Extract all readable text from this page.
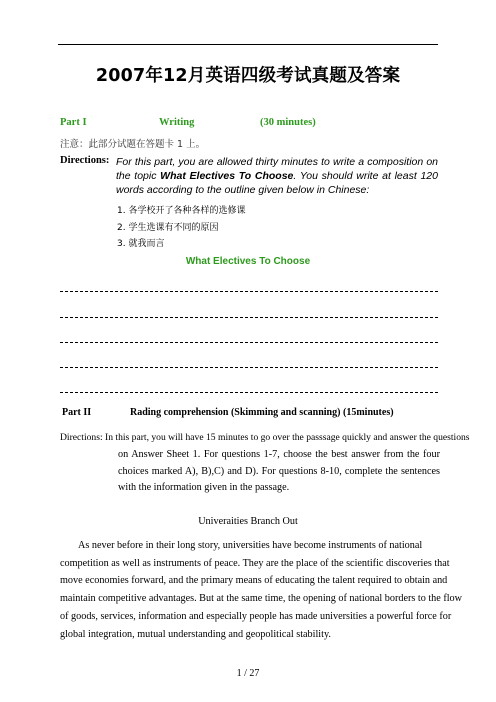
2007年12月英语四级考试真题及答案
Part I	Writing	(30 minutes)
注意：此部分试题在答题卡 1 上。
Directions: For this part, you are allowed thirty minutes to write a composition on the topic What Electives To Choose. You should write at least 120 words according to the outline given below in Chinese:
1. 各学校开了各种各样的选修课
2. 学生选课有不同的原因
3. 就我而言
What Electives To Choose
Part II	Rading comprehension (Skimming and scanning) (15minutes)
Directions: In this part, you will have 15 minutes to go over the passsage quickly and answer the questions
on Answer Sheet 1. For questions 1-7, choose the best answer from the four choices marked A), B),C) and D). For questions 8-10, complete the sentences with the information given in the passage.
Univeraities Branch Out
As never before in their long story, universities have become instruments of national
competition as well as instruments of peace. They are the place of the scientific discoveries that
move economies forward, and the primary means of educating the talent required to obtain and
maintain competitive advantages. But at the same time, the opening of national borders to the flow
of goods, services, information and especially people has made universities a powerful force for
global integration, mutual understanding and geopolitical stability.
1 / 27
